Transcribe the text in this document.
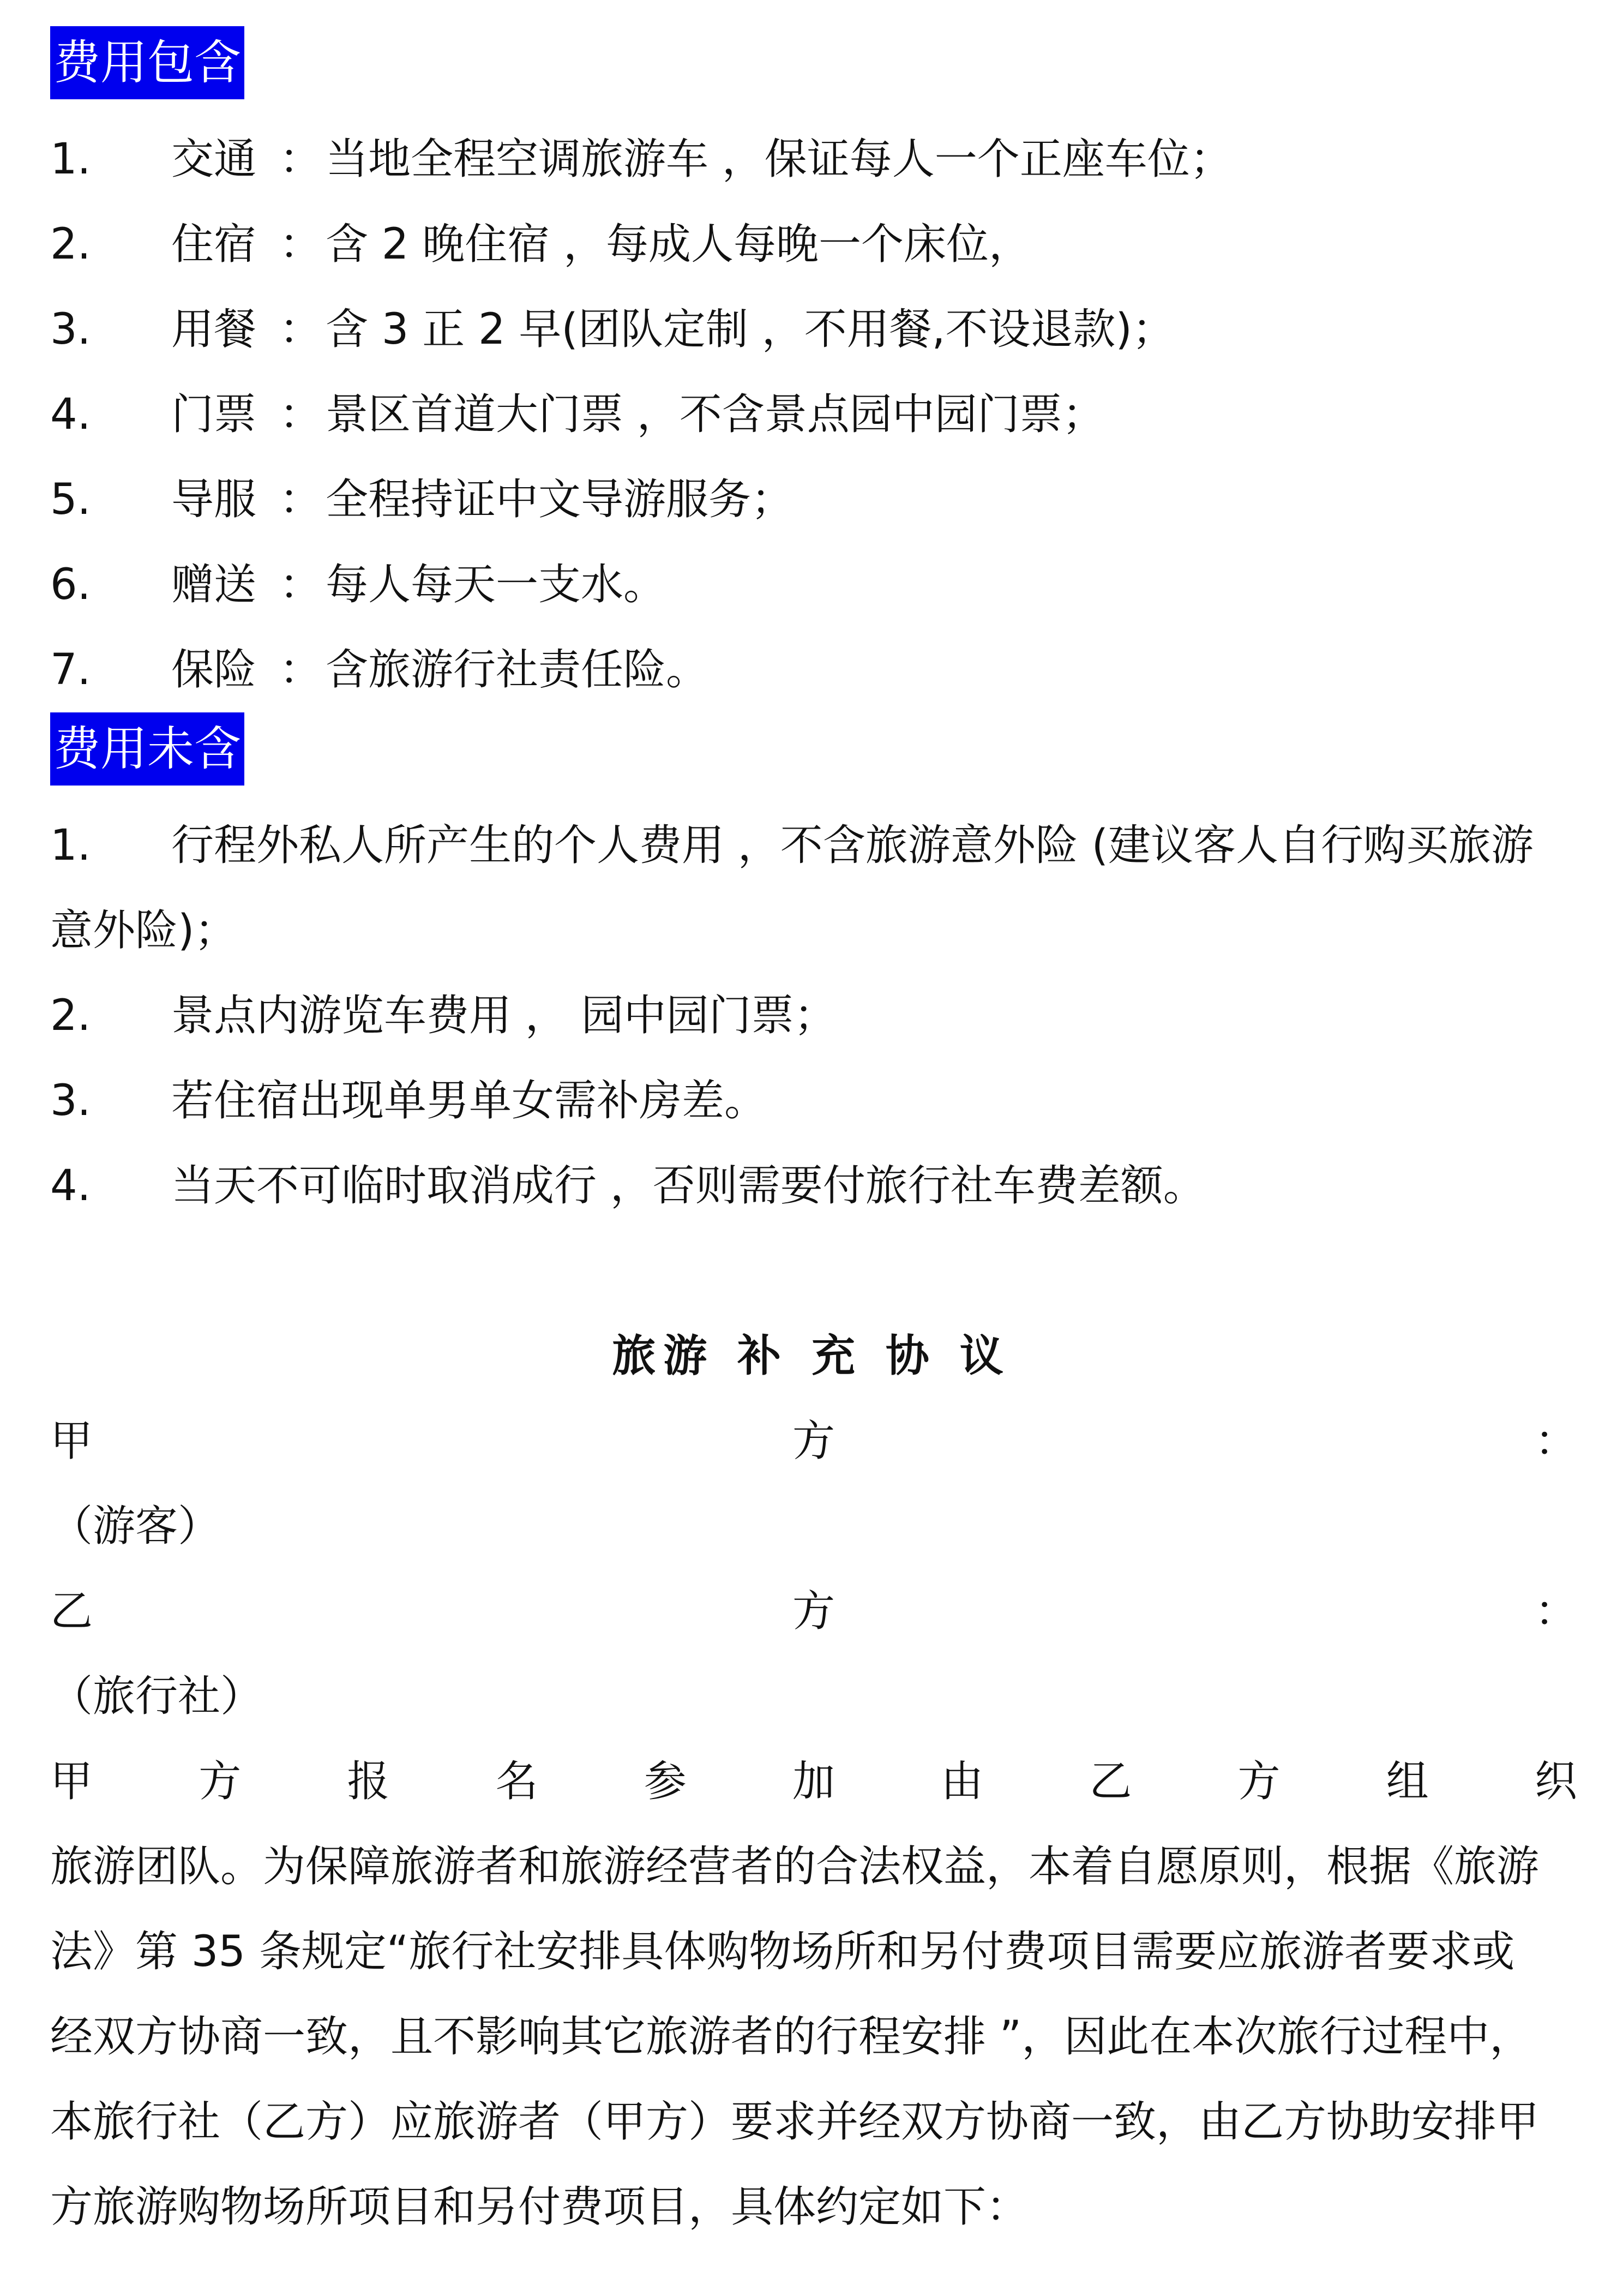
费用包含
1. 交通 ： 当地全程空调旅游车 ，保证每人一个正座车位；
2. 住宿 ： 含 2 晚住宿 ，每成人每晚一个床位，
3. 用餐 ： 含 3 正 2 早(团队定制 ，不用餐,不设退款)；
4. 门票 ： 景区首道大门票 ，不含景点园中园门票；
5. 导服 ： 全程持证中文导游服务；
6. 赠送 ： 每人每天一支水。
7. 保险 ： 含旅游行社责任险。
费用未含
1. 行程外私人所产生的个人费用 ，不含旅游意外险 (建议客人自行购买旅游
意外险)；
2. 景点内游览车费用 ， 园中园门票；
3. 若住宿出现单男单女需补房差。
4. 当天不可临时取消成行 ，否则需要付旅行社车费差额。
旅游 补 充 协 议
甲	方	：
（游客）
乙	方	：
（旅行社）
甲 方 报 名 参 加 由 乙 方 组 织
旅游团队。为保障旅游者和旅游经营者的合法权益，本着自愿原则，根据《旅游
法》第 35 条规定“旅行社安排具体购物场所和另付费项目需要应旅游者要求或
经双方协商一致，且不影响其它旅游者的行程安排 ”，因此在本次旅行过程中，
本旅行社（乙方）应旅游者（甲方）要求并经双方协商一致，由乙方协助安排甲
方旅游购物场所项目和另付费项目，具体约定如下：
